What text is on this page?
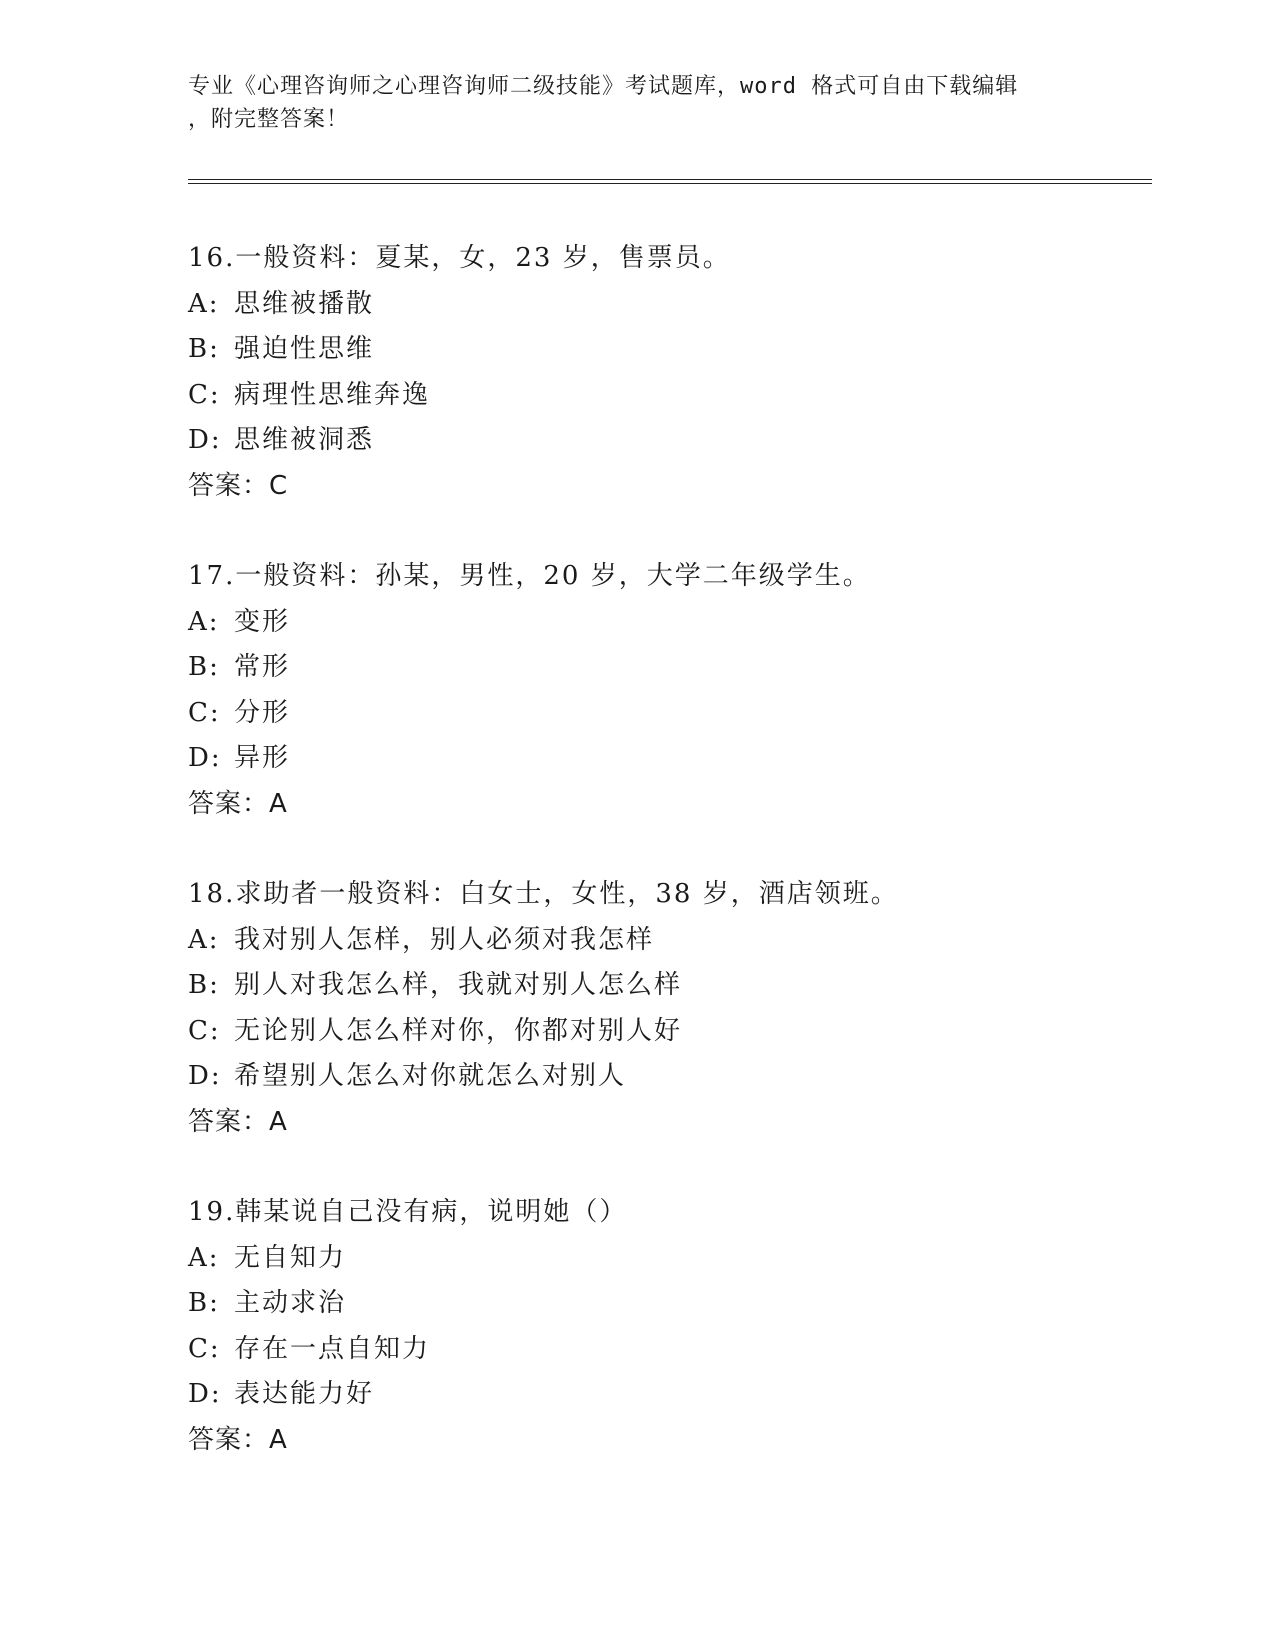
专业《心理咨询师之心理咨询师二级技能》考试题库，word 格式可自由下载编辑
，附完整答案！
16.一般资料：夏某，女，23 岁，售票员。
A: 思维被播散
B: 强迫性思维
C: 病理性思维奔逸
D: 思维被洞悉
答案：C
17.一般资料：孙某，男性，20 岁，大学二年级学生。
A: 变形
B: 常形
C: 分形
D: 异形
答案：A
18.求助者一般资料：白女士，女性，38 岁，酒店领班。
A: 我对别人怎样，别人必须对我怎样
B: 别人对我怎么样，我就对别人怎么样
C: 无论别人怎么样对你，你都对别人好
D: 希望别人怎么对你就怎么对别人
答案：A
19.韩某说自己没有病，说明她（）
A: 无自知力
B: 主动求治
C: 存在一点自知力
D: 表达能力好
答案：A
